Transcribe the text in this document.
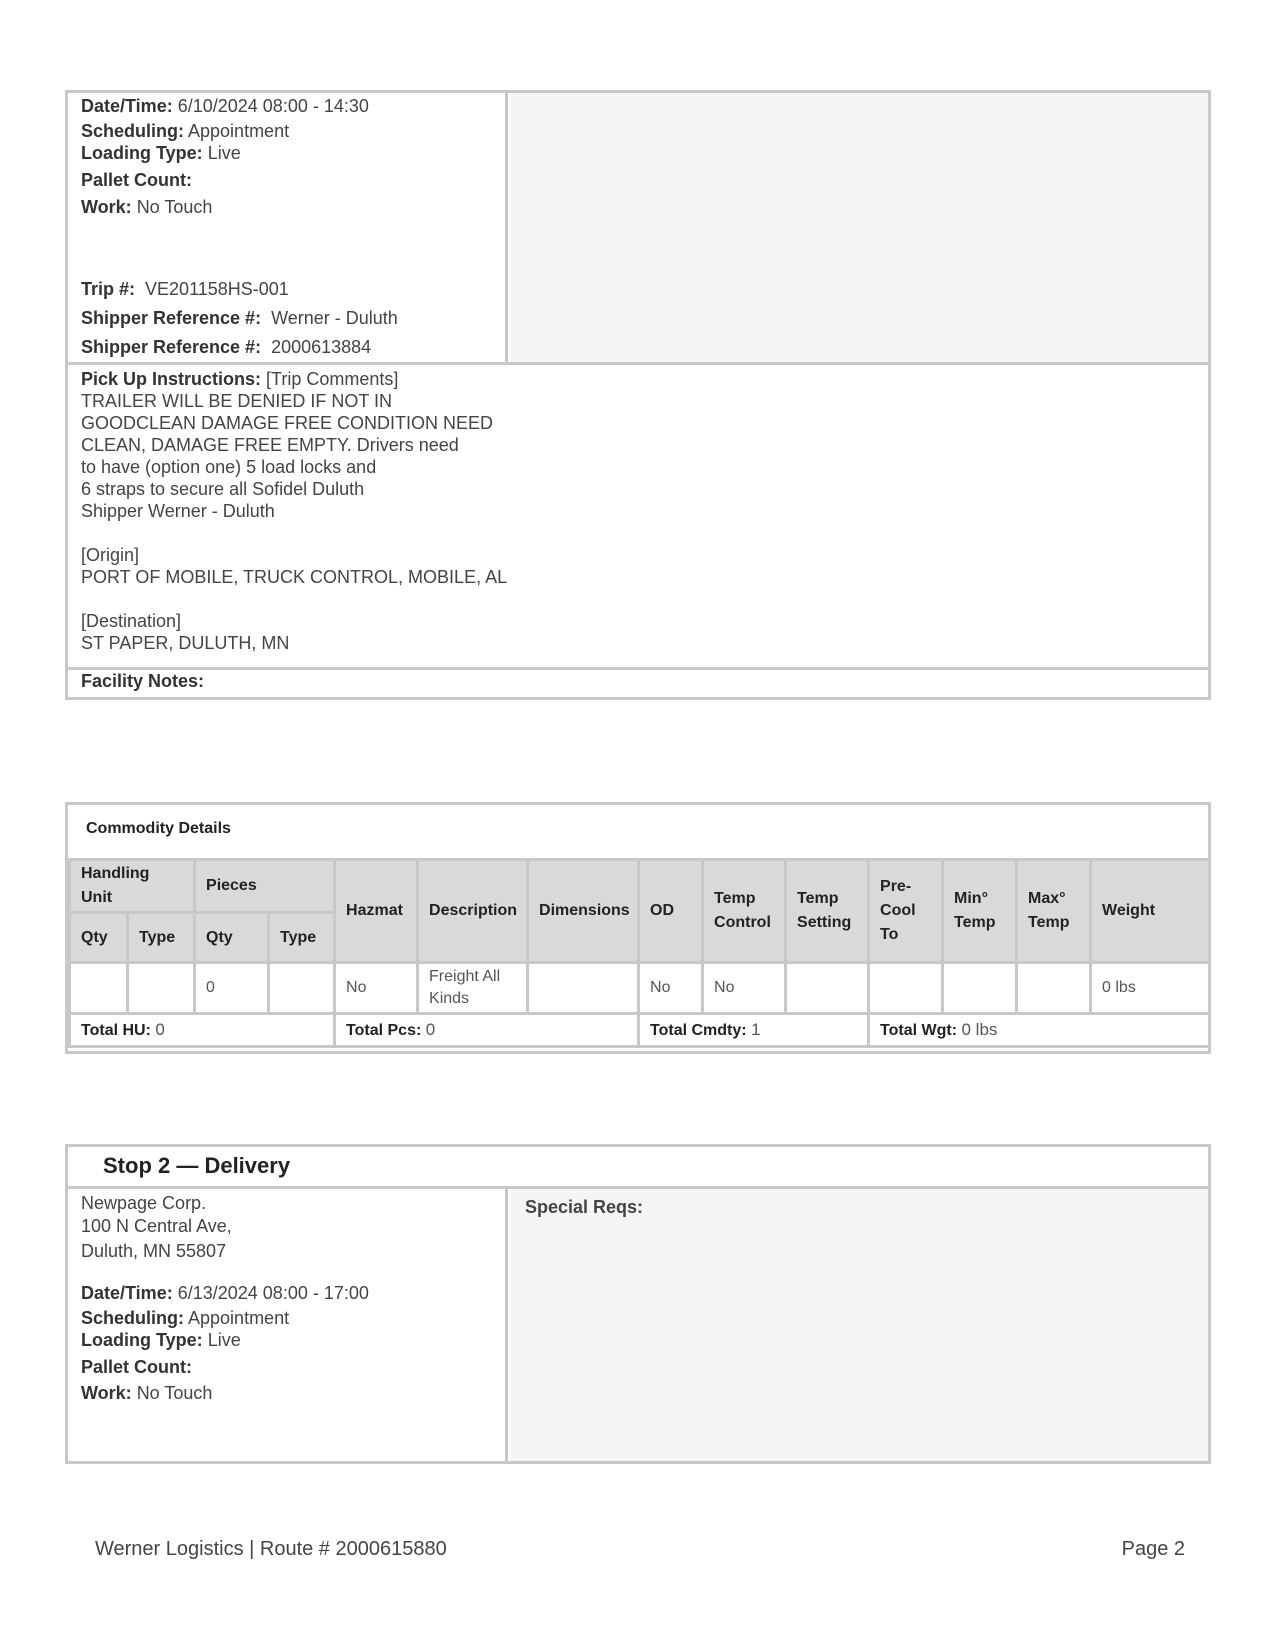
Date/Time: 6/10/2024 08:00 - 14:30
Scheduling: Appointment
Loading Type: Live
Pallet Count:
Work: No Touch
Trip #: VE201158HS-001
Shipper Reference #: Werner - Duluth
Shipper Reference #: 2000613884
Pick Up Instructions: [Trip Comments]
TRAILER WILL BE DENIED IF NOT IN
GOODCLEAN DAMAGE FREE CONDITION NEED
CLEAN, DAMAGE FREE EMPTY. Drivers need
to have (option one) 5 load locks and
6 straps to secure all Sofidel Duluth
Shipper Werner - Duluth

[Origin]
PORT OF MOBILE, TRUCK CONTROL, MOBILE, AL

[Destination]
ST PAPER, DULUTH, MN
Facility Notes:
Commodity Details
Handling Unit		Pieces		Hazmat	Description	Dimensions	OD	Temp Control	Temp Setting	Pre-Cool To	Min° Temp	Max° Temp	Weight
Qty	Type	Qty	Type										
		0		No	Freight All Kinds		No	No					0 lbs
Total HU: 0				Total Pcs: 0			Total Cmdty: 1			Total Wgt: 0 lbs			
Stop 2 — Delivery
Newpage Corp.
100 N Central Ave,
Duluth, MN 55807
Date/Time: 6/13/2024 08:00 - 17:00
Scheduling: Appointment
Loading Type: Live
Pallet Count:
Work: No Touch
Special Reqs:
Werner Logistics | Route # 2000615880	Page 2
